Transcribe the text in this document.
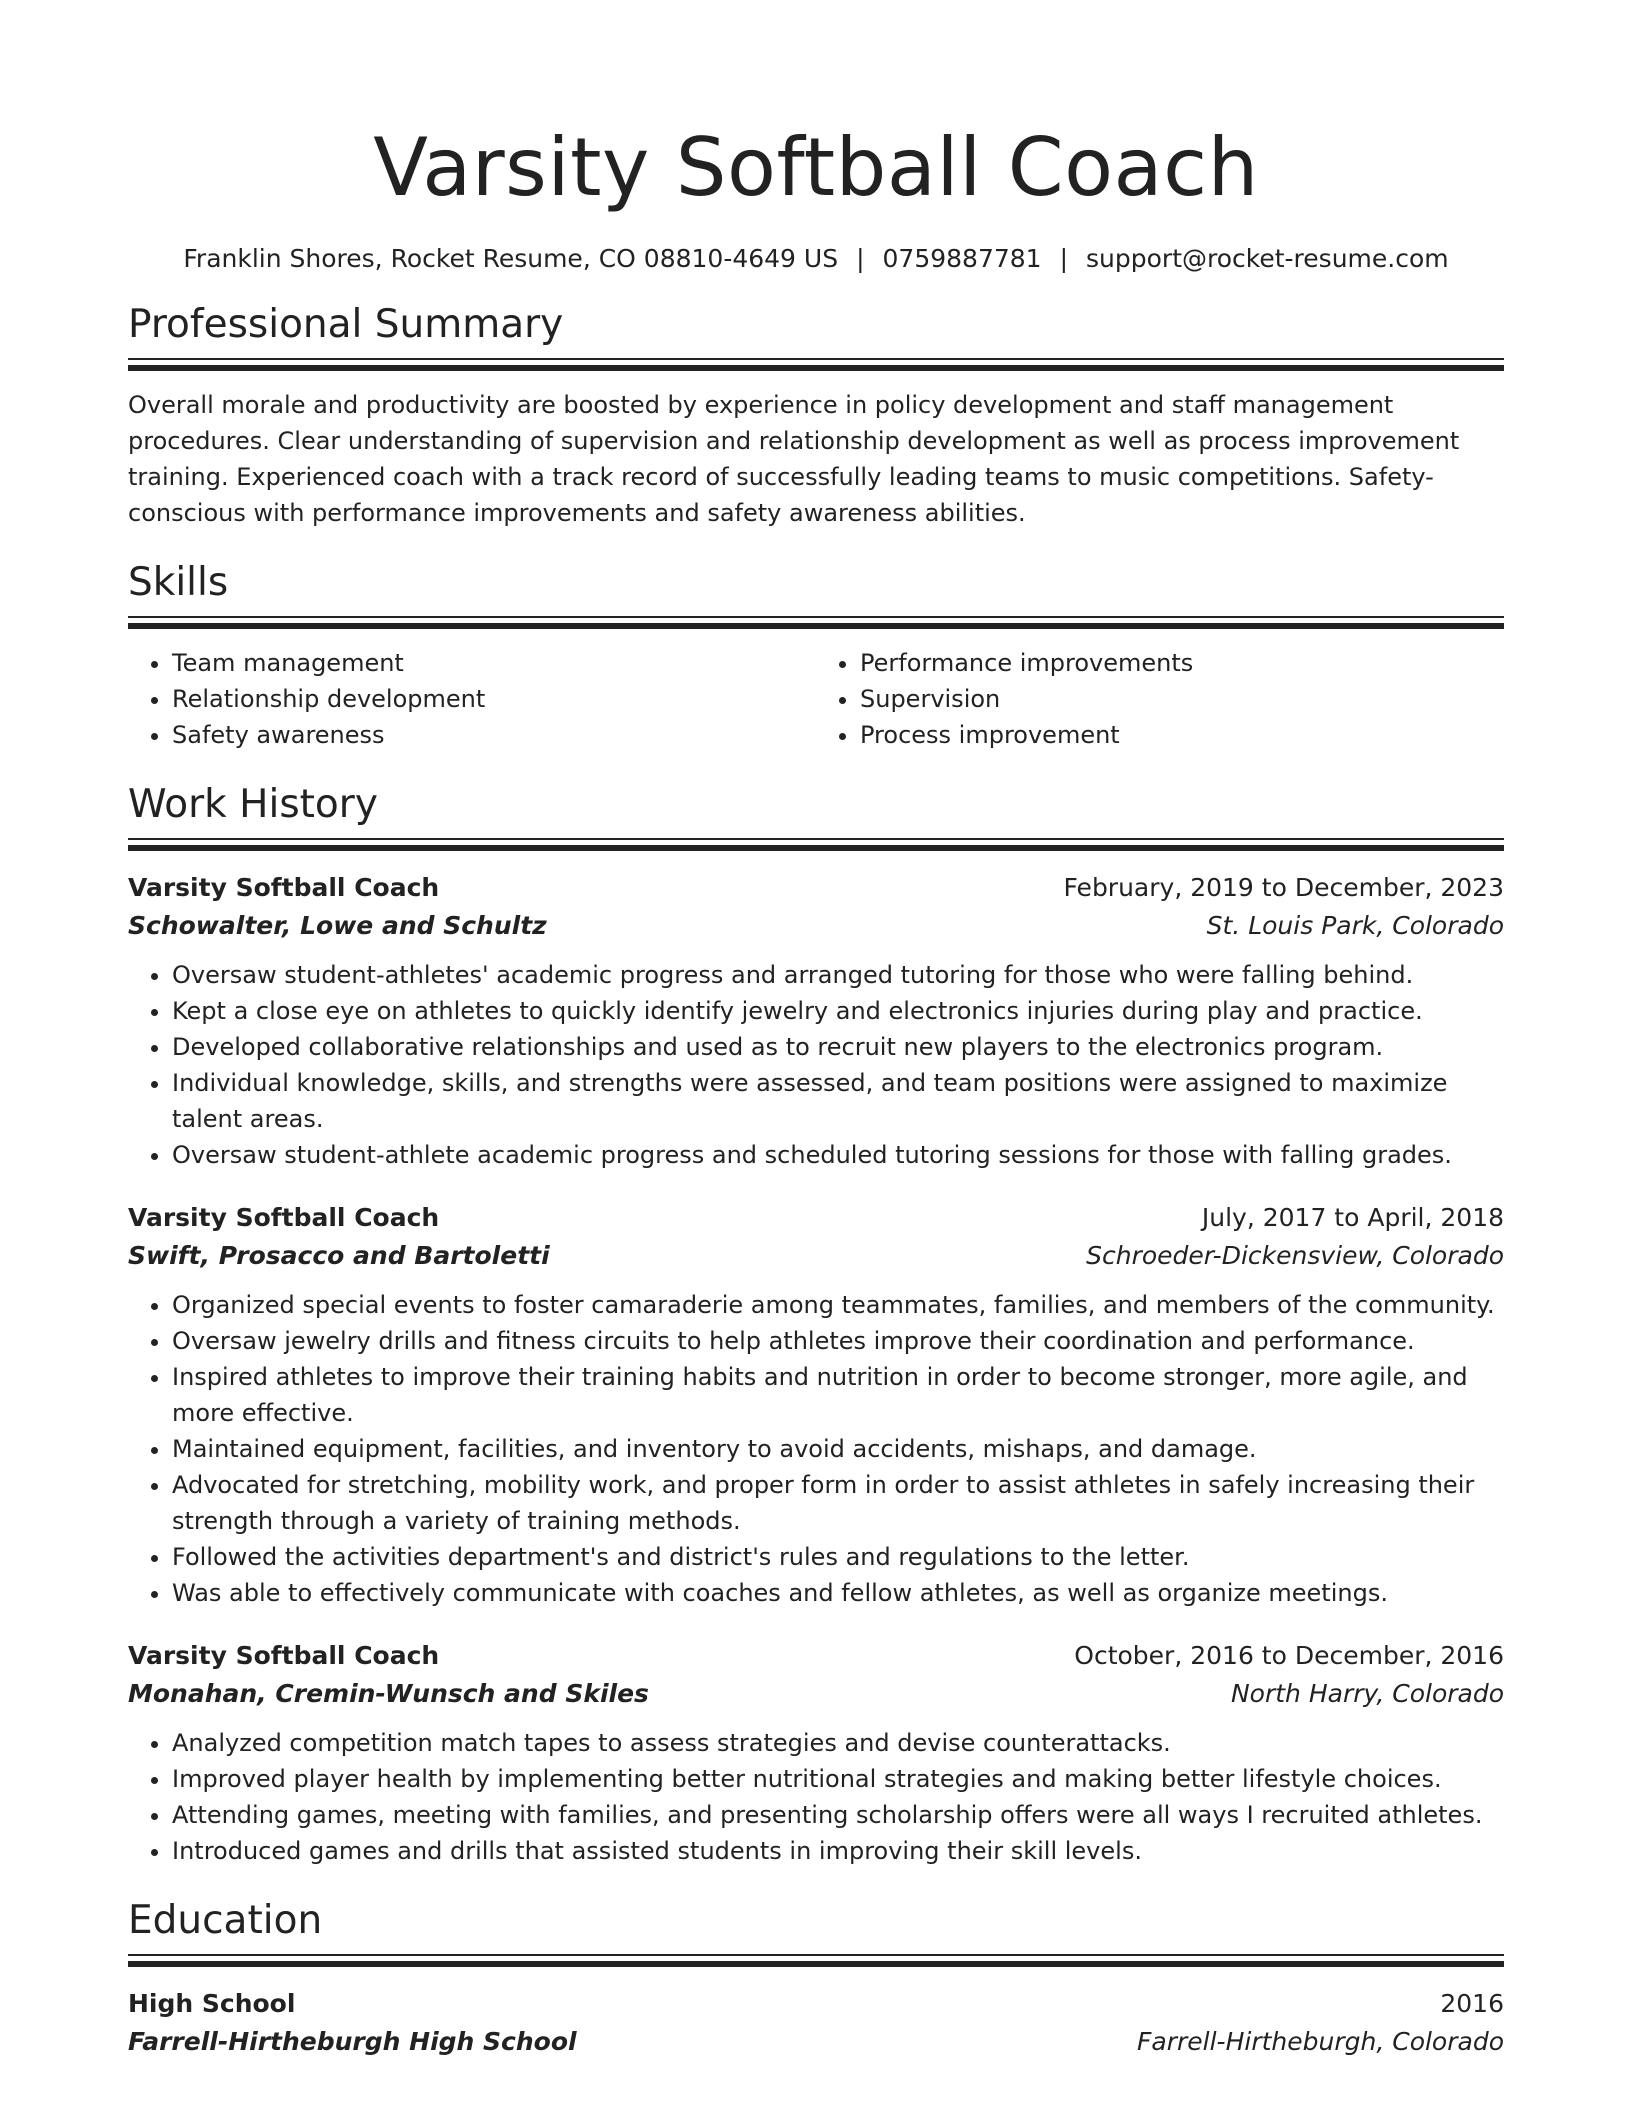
Varsity Softball Coach
Franklin Shores, Rocket Resume, CO 08810-4649 US | 0759887781 | support@rocket-resume.com
Professional Summary
Overall morale and productivity are boosted by experience in policy development and staff management procedures. Clear understanding of supervision and relationship development as well as process improvement training. Experienced coach with a track record of successfully leading teams to music competitions. Safety-conscious with performance improvements and safety awareness abilities.
Skills
• Team management
• Relationship development
• Safety awareness
• Performance improvements
• Supervision
• Process improvement
Work History
Varsity Softball Coach	February, 2019 to December, 2023
Schowalter, Lowe and Schultz	St. Louis Park, Colorado
• Oversaw student-athletes' academic progress and arranged tutoring for those who were falling behind.
• Kept a close eye on athletes to quickly identify jewelry and electronics injuries during play and practice.
• Developed collaborative relationships and used as to recruit new players to the electronics program.
• Individual knowledge, skills, and strengths were assessed, and team positions were assigned to maximize talent areas.
• Oversaw student-athlete academic progress and scheduled tutoring sessions for those with falling grades.
Varsity Softball Coach	July, 2017 to April, 2018
Swift, Prosacco and Bartoletti	Schroeder-Dickensview, Colorado
• Organized special events to foster camaraderie among teammates, families, and members of the community.
• Oversaw jewelry drills and fitness circuits to help athletes improve their coordination and performance.
• Inspired athletes to improve their training habits and nutrition in order to become stronger, more agile, and more effective.
• Maintained equipment, facilities, and inventory to avoid accidents, mishaps, and damage.
• Advocated for stretching, mobility work, and proper form in order to assist athletes in safely increasing their strength through a variety of training methods.
• Followed the activities department's and district's rules and regulations to the letter.
• Was able to effectively communicate with coaches and fellow athletes, as well as organize meetings.
Varsity Softball Coach	October, 2016 to December, 2016
Monahan, Cremin-Wunsch and Skiles	North Harry, Colorado
• Analyzed competition match tapes to assess strategies and devise counterattacks.
• Improved player health by implementing better nutritional strategies and making better lifestyle choices.
• Attending games, meeting with families, and presenting scholarship offers were all ways I recruited athletes.
• Introduced games and drills that assisted students in improving their skill levels.
Education
High School	2016
Farrell-Hirtheburgh High School	Farrell-Hirtheburgh, Colorado
